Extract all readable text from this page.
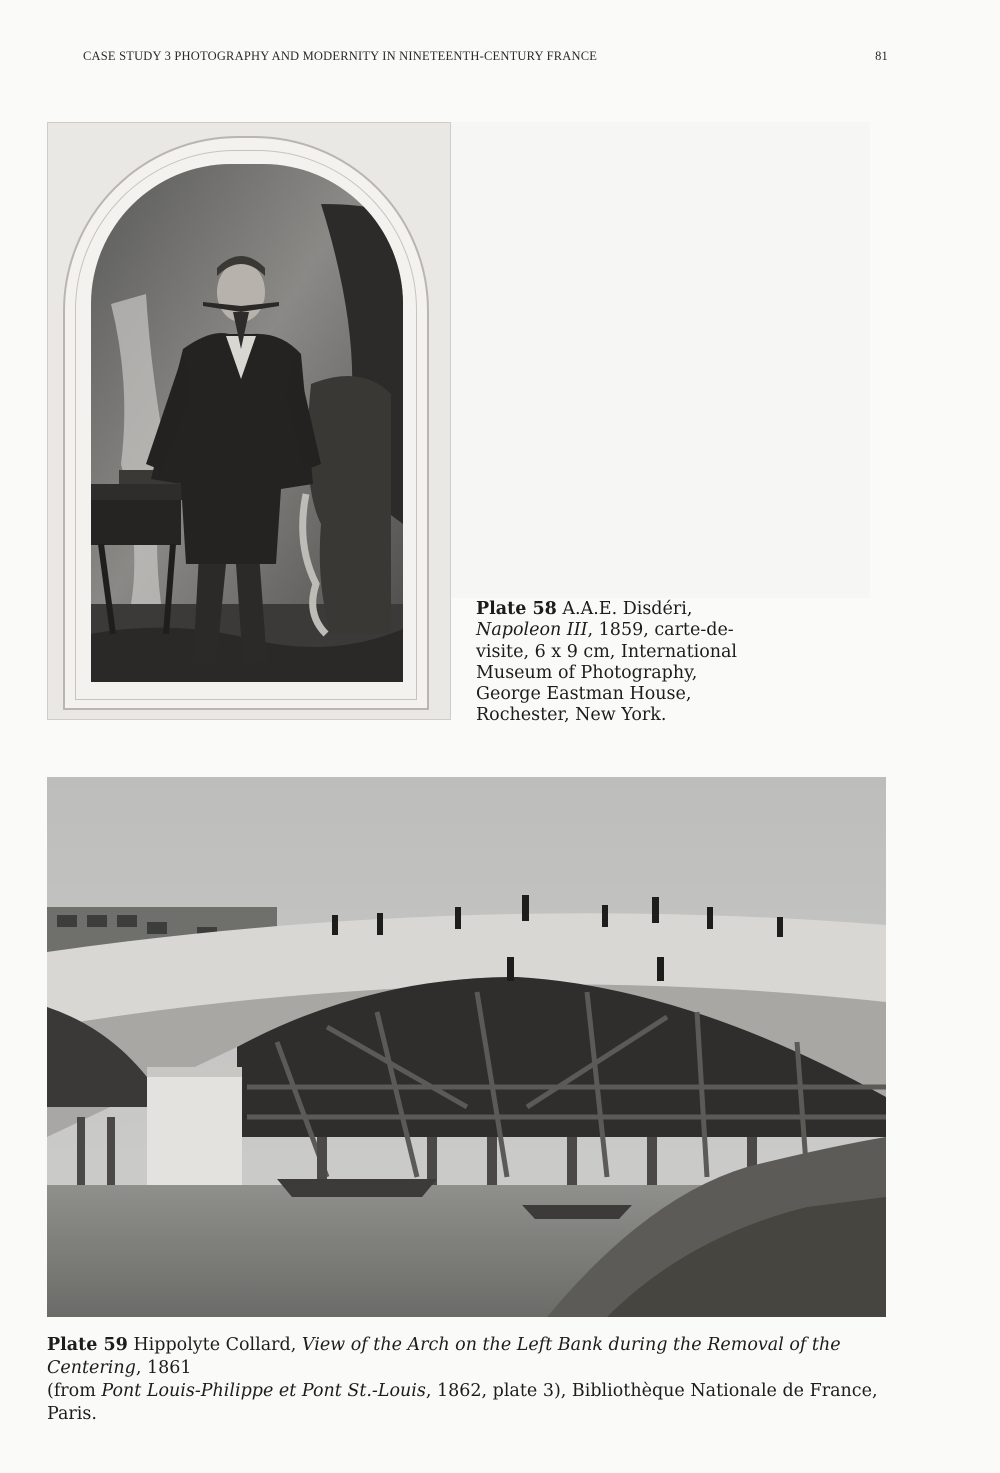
CASE STUDY 3 PHOTOGRAPHY AND MODERNITY IN NINETEENTH-CENTURY FRANCE	81
Plate 58 A.A.E. Disdéri, Napoleon III, 1859, carte-de-visite, 6 x 9 cm, International Museum of Photography, George Eastman House, Rochester, New York.
Plate 59 Hippolyte Collard, View of the Arch on the Left Bank during the Removal of the Centering, 1861
(from Pont Louis-Philippe et Pont St.-Louis, 1862, plate 3), Bibliothèque Nationale de France, Paris.
